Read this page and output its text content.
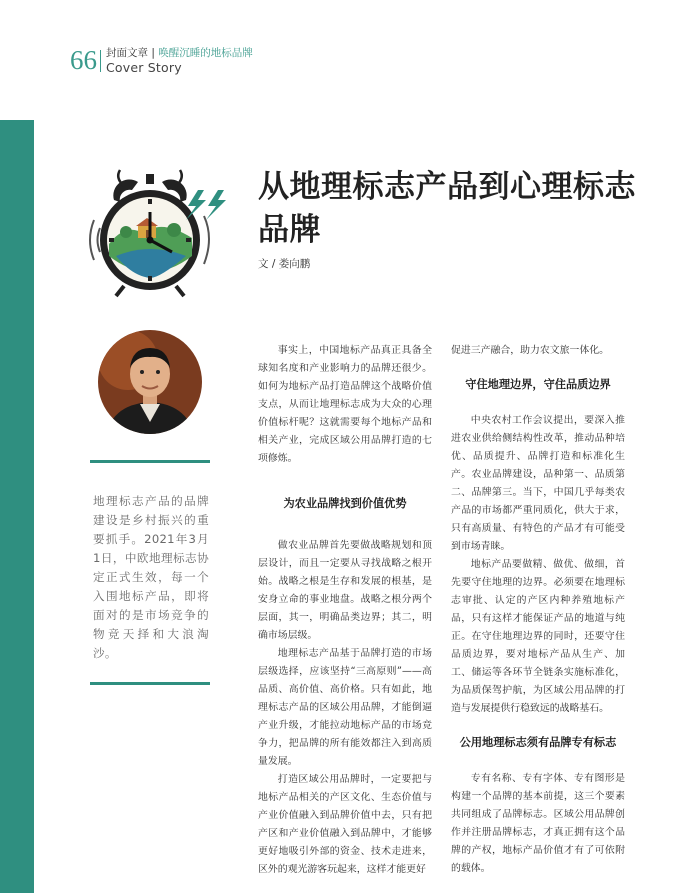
66 封面文章 | 唤醒沉睡的地标品牌
Cover Story
从地理标志产品到心理标志品牌
文 / 娄向鹏
地理标志产品的品牌建设是乡村振兴的重要抓手。2021年3月1日，中欧地理标志协定正式生效，每一个入围地标产品，即将面对的是市场竞争的物竞天择和大浪淘沙。

事实上，中国地标产品真正具备全球知名度和产业影响力的品牌还很少。如何为地标产品打造品牌这个战略价值支点，从而让地理标志成为大众的心理价值标杆呢？这就需要每个地标产品和相关产业，完成区域公用品牌打造的七项修炼。

为农业品牌找到价值优势

做农业品牌首先要做战略规划和顶层设计，而且一定要从寻找战略之根开始。战略之根是生存和发展的根基，是安身立命的事业地盘。战略之根分两个层面，其一，明确品类边界；其二，明确市场层级。

地理标志产品基于品牌打造的市场层级选择，应该坚持“三高原则”——高品质、高价值、高价格。只有如此，地理标志产品的区域公用品牌，才能倒逼产业升级，才能拉动地标产品的市场竞争力，把品牌的所有能效都注入到高质量发展。

打造区域公用品牌时，一定要把与地标产品相关的产区文化、生态价值与产业价值融入到品牌价值中去，只有把产区和产业价值融入到品牌中，才能够更好地吸引外部的资金、技术走进来，区外的观光游客玩起来，这样才能更好

促进三产融合，助力农文旅一体化。

守住地理边界，守住品质边界

中央农村工作会议提出，要深入推进农业供给侧结构性改革，推动品种培优、品质提升、品牌打造和标准化生产。农业品牌建设，品种第一、品质第二、品牌第三。当下，中国几乎每类农产品的市场都严重同质化，供大于求，只有高质量、有特色的产品才有可能受到市场青睐。

地标产品要做精、做优、做细，首先要守住地理的边界。必须要在地理标志审批、认定的产区内种养殖地标产品，只有这样才能保证产品的地道与纯正。在守住地理边界的同时，还要守住品质边界，要对地标产品从生产、加工、储运等各环节全链条实施标准化，为品质保驾护航，为区域公用品牌的打造与发展提供行稳致远的战略基石。

公用地理标志须有品牌专有标志

专有名称、专有字体、专有图形是构建一个品牌的基本前提，这三个要素共同组成了品牌标志。区域公用品牌创作并注册品牌标志，才真正拥有这个品牌的产权，地标产品价值才有了可依附的载体。
